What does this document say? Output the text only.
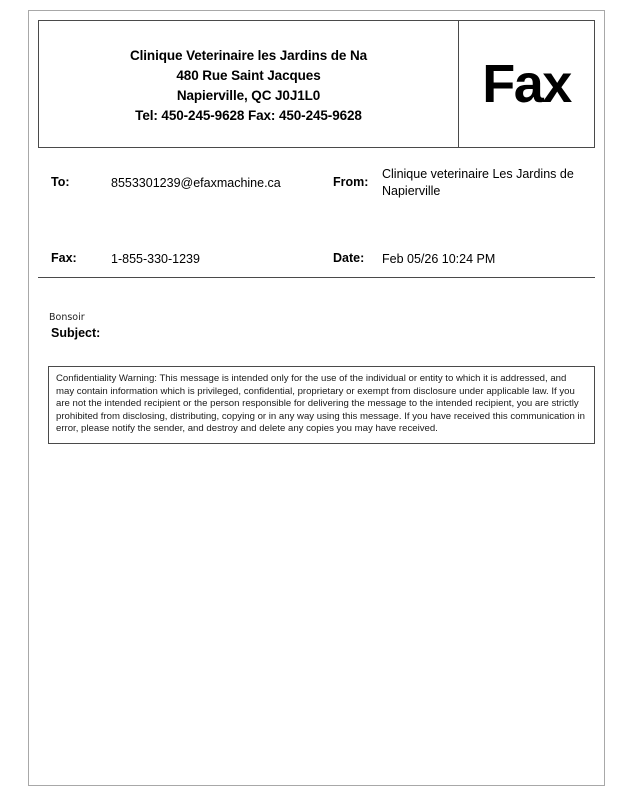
Clinique Veterinaire les Jardins de Na
480 Rue Saint Jacques
Napierville, QC J0J1L0
Tel: 450-245-9628 Fax: 450-245-9628
Fax
To:	8553301239@efaxmachine.ca	From:
Clinique veterinaire Les Jardins de Napierville
Fax:	1-855-330-1239	Date: Feb 05/26 10:24 PM
Subject:
Bonsoir
Confidentiality Warning: This message is intended only for the use of the individual or entity to which it is addressed, and may contain information which is privileged, confidential, proprietary or exempt from disclosure under applicable law. If you are not the intended recipient or the person responsible for delivering the message to the intended recipient, you are strictly prohibited from disclosing, distributing, copying or in any way using this message. If you have received this communication in error, please notify the sender, and destroy and delete any copies you may have received.
